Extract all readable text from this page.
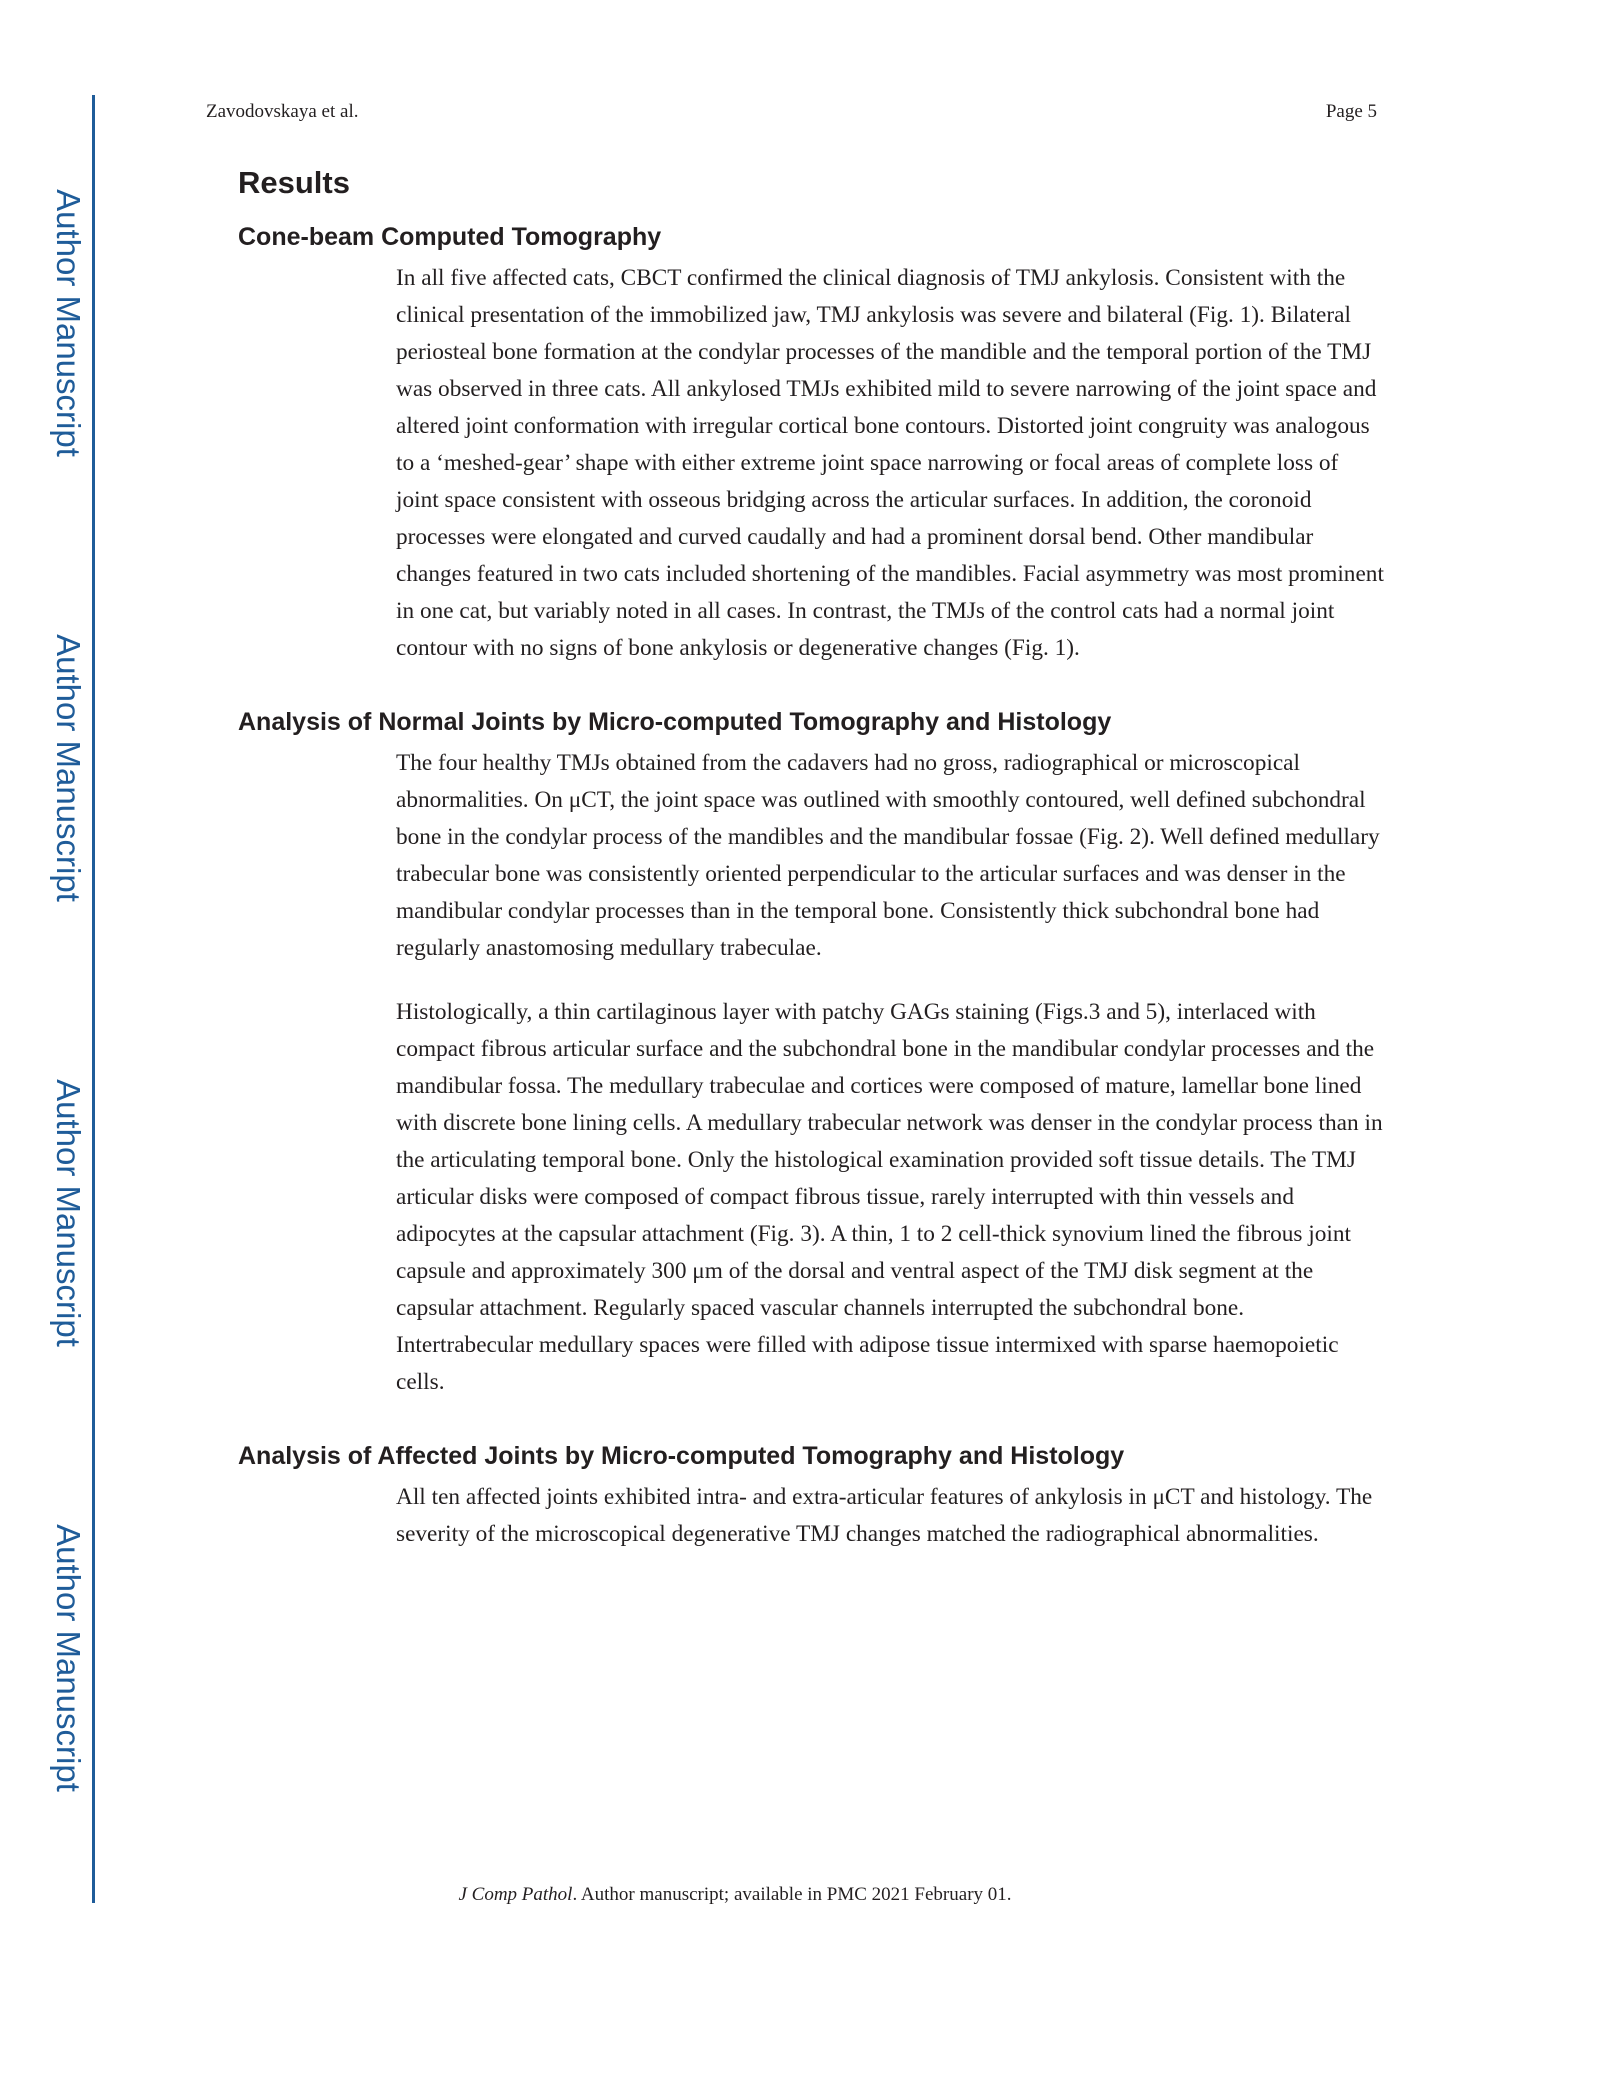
Author Manuscript
Author Manuscript
Author Manuscript
Author Manuscript
Zavodovskaya et al.	Page 5
Results
Cone-beam Computed Tomography

In all five affected cats, CBCT confirmed the clinical diagnosis of TMJ ankylosis. Consistent with the clinical presentation of the immobilized jaw, TMJ ankylosis was severe and bilateral (Fig. 1). Bilateral periosteal bone formation at the condylar processes of the mandible and the temporal portion of the TMJ was observed in three cats. All ankylosed TMJs exhibited mild to severe narrowing of the joint space and altered joint conformation with irregular cortical bone contours. Distorted joint congruity was analogous to a ‘meshed-gear’ shape with either extreme joint space narrowing or focal areas of complete loss of joint space consistent with osseous bridging across the articular surfaces. In addition, the coronoid processes were elongated and curved caudally and had a prominent dorsal bend. Other mandibular changes featured in two cats included shortening of the mandibles. Facial asymmetry was most prominent in one cat, but variably noted in all cases. In contrast, the TMJs of the control cats had a normal joint contour with no signs of bone ankylosis or degenerative changes (Fig. 1).

Analysis of Normal Joints by Micro-computed Tomography and Histology

The four healthy TMJs obtained from the cadavers had no gross, radiographical or microscopical abnormalities. On μCT, the joint space was outlined with smoothly contoured, well defined subchondral bone in the condylar process of the mandibles and the mandibular fossae (Fig. 2). Well defined medullary trabecular bone was consistently oriented perpendicular to the articular surfaces and was denser in the mandibular condylar processes than in the temporal bone. Consistently thick subchondral bone had regularly anastomosing medullary trabeculae.

Histologically, a thin cartilaginous layer with patchy GAGs staining (Figs.3 and 5), interlaced with compact fibrous articular surface and the subchondral bone in the mandibular condylar processes and the mandibular fossa. The medullary trabeculae and cortices were composed of mature, lamellar bone lined with discrete bone lining cells. A medullary trabecular network was denser in the condylar process than in the articulating temporal bone. Only the histological examination provided soft tissue details. The TMJ articular disks were composed of compact fibrous tissue, rarely interrupted with thin vessels and adipocytes at the capsular attachment (Fig. 3). A thin, 1 to 2 cell-thick synovium lined the fibrous joint capsule and approximately 300 μm of the dorsal and ventral aspect of the TMJ disk segment at the capsular attachment. Regularly spaced vascular channels interrupted the subchondral bone. Intertrabecular medullary spaces were filled with adipose tissue intermixed with sparse haemopoietic cells.

Analysis of Affected Joints by Micro-computed Tomography and Histology

All ten affected joints exhibited intra- and extra-articular features of ankylosis in μCT and histology. The severity of the microscopical degenerative TMJ changes matched the radiographical abnormalities.

J Comp Pathol. Author manuscript; available in PMC 2021 February 01.
